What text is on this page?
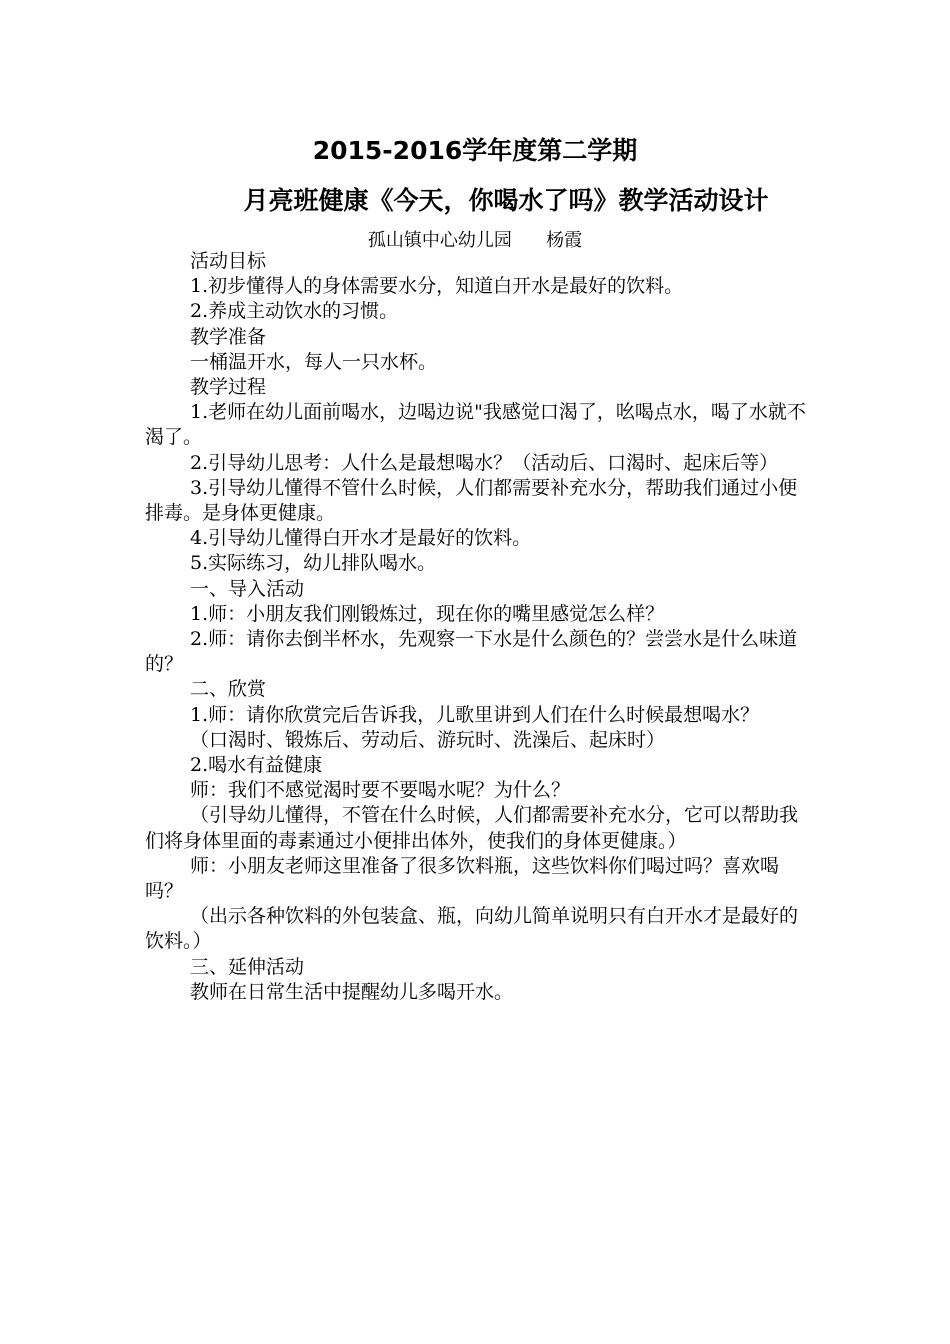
2015-2016学年度第二学期
月亮班健康《今天，你喝水了吗》教学活动设计
孤山镇中心幼儿园      杨霞

活动目标

1.初步懂得人的身体需要水分，知道白开水是最好的饮料。

2.养成主动饮水的习惯。

教学准备

一桶温开水，每人一只水杯。

教学过程

1.老师在幼儿面前喝水，边喝边说"我感觉口渴了，吆喝点水，喝了水就不渴了。

2.引导幼儿思考：人什么是最想喝水？（活动后、口渴时、起床后等）

3.引导幼儿懂得不管什么时候，人们都需要补充水分，帮助我们通过小便排毒。是身体更健康。

4.引导幼儿懂得白开水才是最好的饮料。

5.实际练习，幼儿排队喝水。

一、导入活动

1.师：小朋友我们刚锻炼过，现在你的嘴里感觉怎么样？

2.师：请你去倒半杯水，先观察一下水是什么颜色的？尝尝水是什么味道的？

二、欣赏

1.师：请你欣赏完后告诉我，儿歌里讲到人们在什么时候最想喝水？

（口渴时、锻炼后、劳动后、游玩时、洗澡后、起床时）

2.喝水有益健康

师：我们不感觉渴时要不要喝水呢？为什么？

（引导幼儿懂得，不管在什么时候，人们都需要补充水分，它可以帮助我们将身体里面的毒素通过小便排出体外，使我们的身体更健康。）

师：小朋友老师这里准备了很多饮料瓶，这些饮料你们喝过吗？喜欢喝吗？

（出示各种饮料的外包装盒、瓶，向幼儿简单说明只有白开水才是最好的饮料。）

三、延伸活动

教师在日常生活中提醒幼儿多喝开水。
